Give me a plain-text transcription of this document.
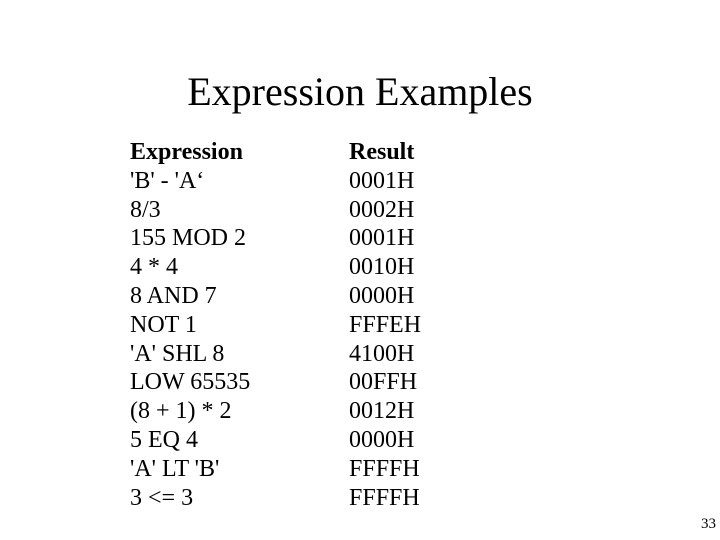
Expression Examples
Expression	Result
'B' - 'A‘	0001H
8/3	0002H
155 MOD 2	0001H
4 * 4	0010H
8 AND 7	0000H
NOT 1	FFFEH
'A' SHL 8	4100H
LOW 65535	00FFH
(8 + 1) * 2	0012H
5 EQ 4	0000H
'A' LT 'B'	FFFFH
3 <= 3	FFFFH
33
